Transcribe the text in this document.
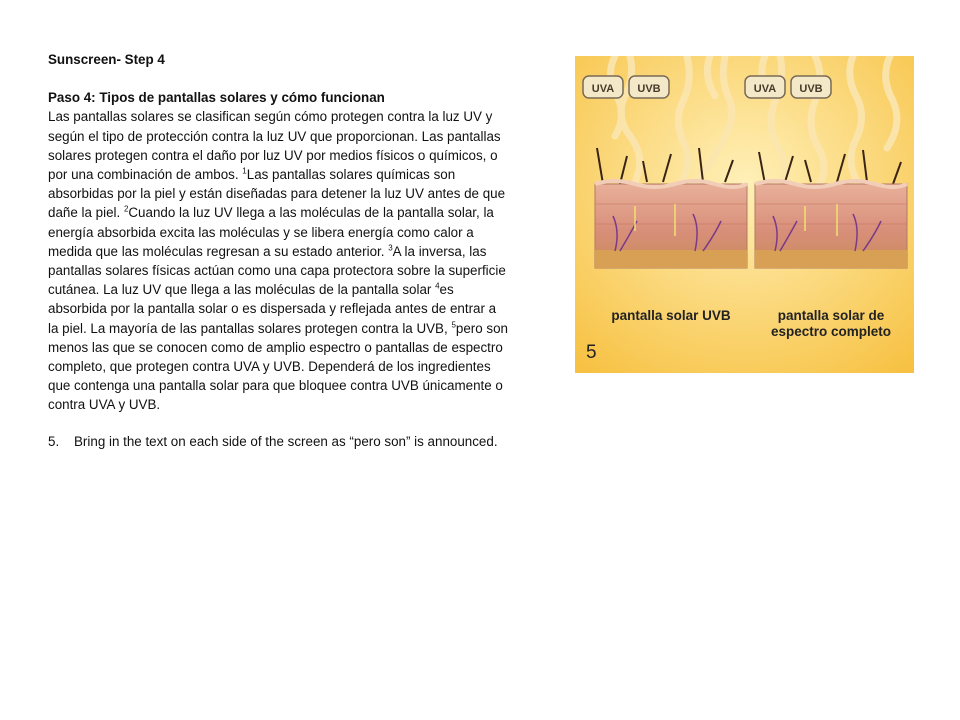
Sunscreen- Step 4

Paso 4: Tipos de pantallas solares y cómo funcionan

Las pantallas solares se clasifican según cómo protegen contra la luz UV y según el tipo de protección contra la luz UV que proporcionan. Las pantallas solares protegen contra el daño por luz UV por medios físicos o químicos, o por una combinación de ambos. $^1$Las pantallas solares químicas son absorbidas por la piel y están diseñadas para detener la luz UV antes de que dañe la piel. $^2$Cuando la luz UV llega a las moléculas de la pantalla solar, la energía absorbida excita las moléculas y se libera energía como calor a medida que las moléculas regresan a su estado anterior. $^3$A la inversa, las pantallas solares físicas actúan como una capa protectora sobre la superficie cutánea. La luz UV que llega a las moléculas de la pantalla solar $^4$es absorbida por la pantalla solar o es dispersada y reflejada antes de entrar a la piel. La mayoría de las pantallas solares protegen contra la UVB, $^5$pero son menos las que se conocen como de amplio espectro o pantallas de espectro completo, que protegen contra UVA y UVB. Dependerá de los ingredientes que contenga una pantalla solar para que bloquee contra UVB únicamente o contra UVA y UVB.

5.	Bring in the text on each side of the screen as “pero son” is announced.
UVA UVB	UVA UVB
pantalla solar UVB	pantalla solar de
espectro completo
5
